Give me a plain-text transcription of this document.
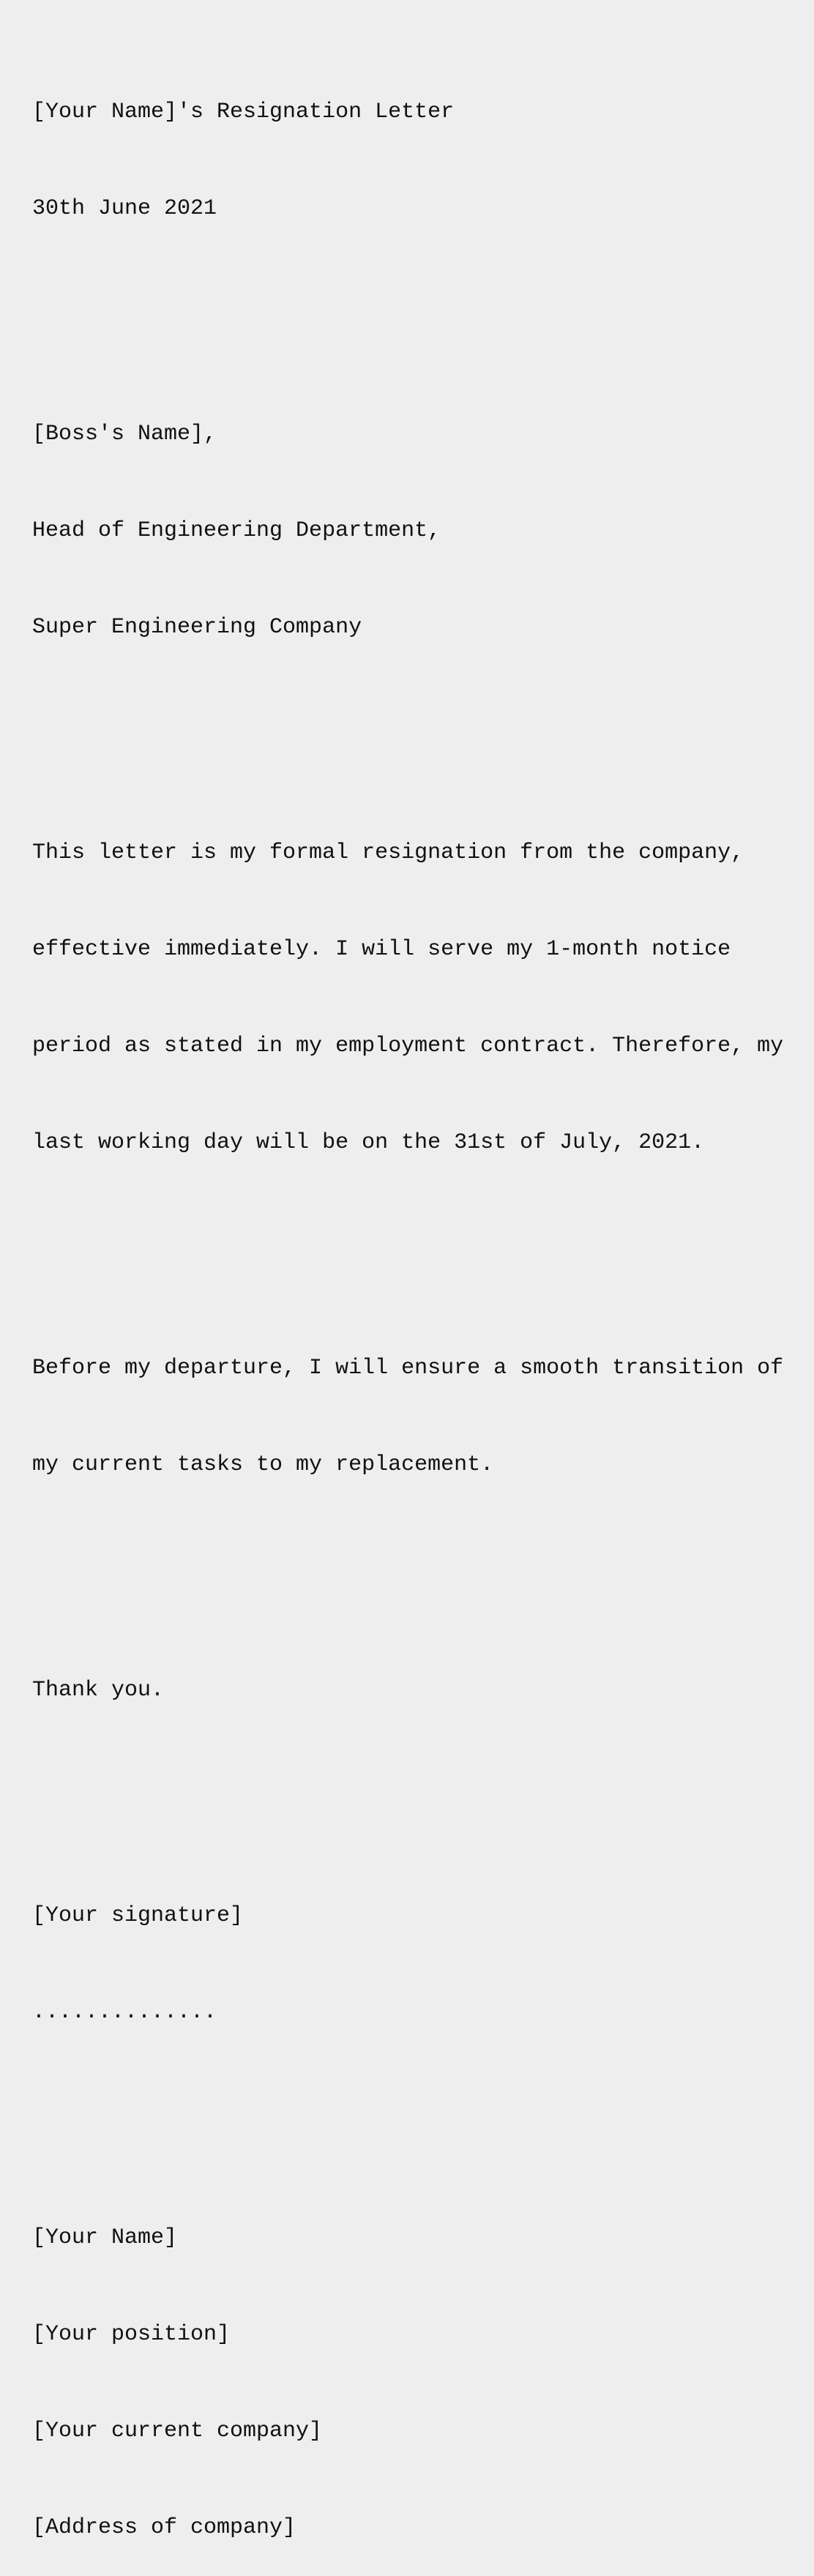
[Your Name]'s Resignation Letter

30th June 2021

[Boss's Name],

Head of Engineering Department,

Super Engineering Company

This letter is my formal resignation from the company,

effective immediately. I will serve my 1-month notice

period as stated in my employment contract. Therefore, my

last working day will be on the 31st of July, 2021.

Before my departure, I will ensure a smooth transition of

my current tasks to my replacement.

Thank you.

[Your signature]

..............

[Your Name]

[Your position]

[Your current company]

[Address of company]
